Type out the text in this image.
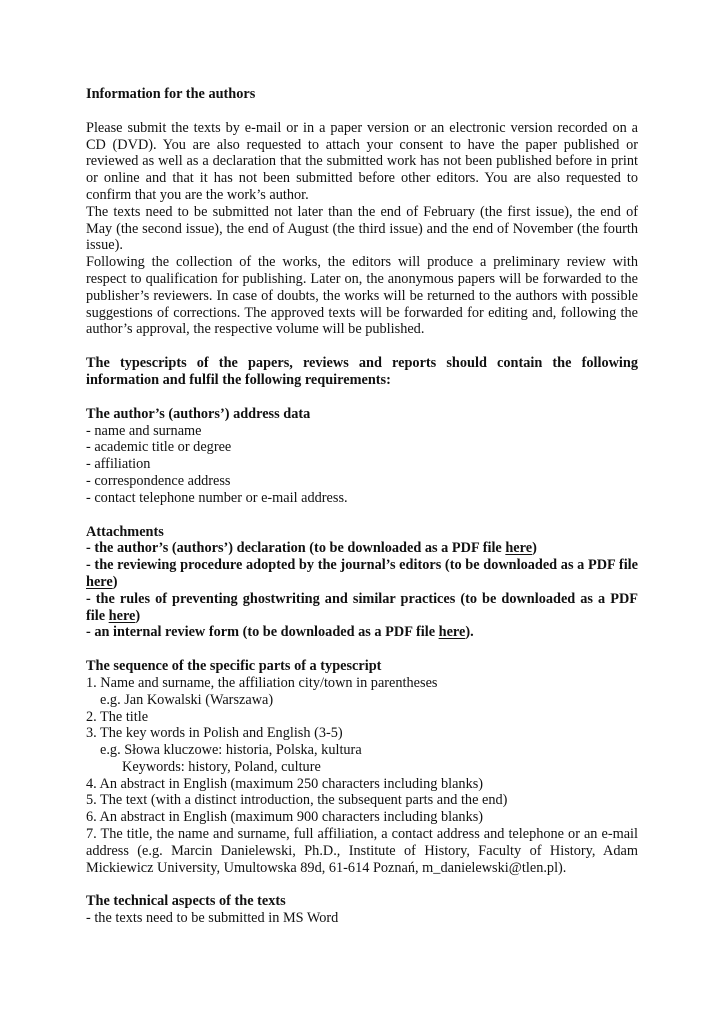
Information for the authors

Please submit the texts by e-mail or in a paper version or an electronic version recorded on a CD (DVD). You are also requested to attach your consent to have the paper published or reviewed as well as a declaration that the submitted work has not been published before in print or online and that it has not been submitted before other editors. You are also requested to confirm that you are the work’s author.

The texts need to be submitted not later than the end of February (the first issue), the end of May (the second issue), the end of August (the third issue) and the end of November (the fourth issue).

Following the collection of the works, the editors will produce a preliminary review with respect to qualification for publishing. Later on, the anonymous papers will be forwarded to the publisher’s reviewers. In case of doubts, the works will be returned to the authors with possible suggestions of corrections. The approved texts will be forwarded for editing and, following the author’s approval, the respective volume will be published.

The typescripts of the papers, reviews and reports should contain the following information and fulfil the following requirements:

The author’s (authors’) address data
- name and surname
- academic title or degree
- affiliation
- correspondence address
- contact telephone number or e-mail address.
Attachments

- the author’s (authors’) declaration (to be downloaded as a PDF file here)

- the reviewing procedure adopted by the journal’s editors (to be downloaded as a PDF file here)

- the rules of preventing ghostwriting and similar practices (to be downloaded as a PDF file here)

- an internal review form (to be downloaded as a PDF file here).

The sequence of the specific parts of a typescript
1. Name and surname, the affiliation city/town in parentheses
e.g. Jan Kowalski (Warszawa)
2. The title
3. The key words in Polish and English (3-5)
e.g. Słowa kluczowe: historia, Polska, kultura
Keywords: history, Poland, culture
4. An abstract in English (maximum 250 characters including blanks)
5. The text (with a distinct introduction, the subsequent parts and the end)
6. An abstract in English (maximum 900 characters including blanks)

7. The title, the name and surname, full affiliation, a contact address and telephone or an e-mail address (e.g. Marcin Danielewski, Ph.D., Institute of History, Faculty of History, Adam Mickiewicz University, Umultowska 89d, 61-614 Poznań, m_danielewski@tlen.pl).

The technical aspects of the texts
- the texts need to be submitted in MS Word
